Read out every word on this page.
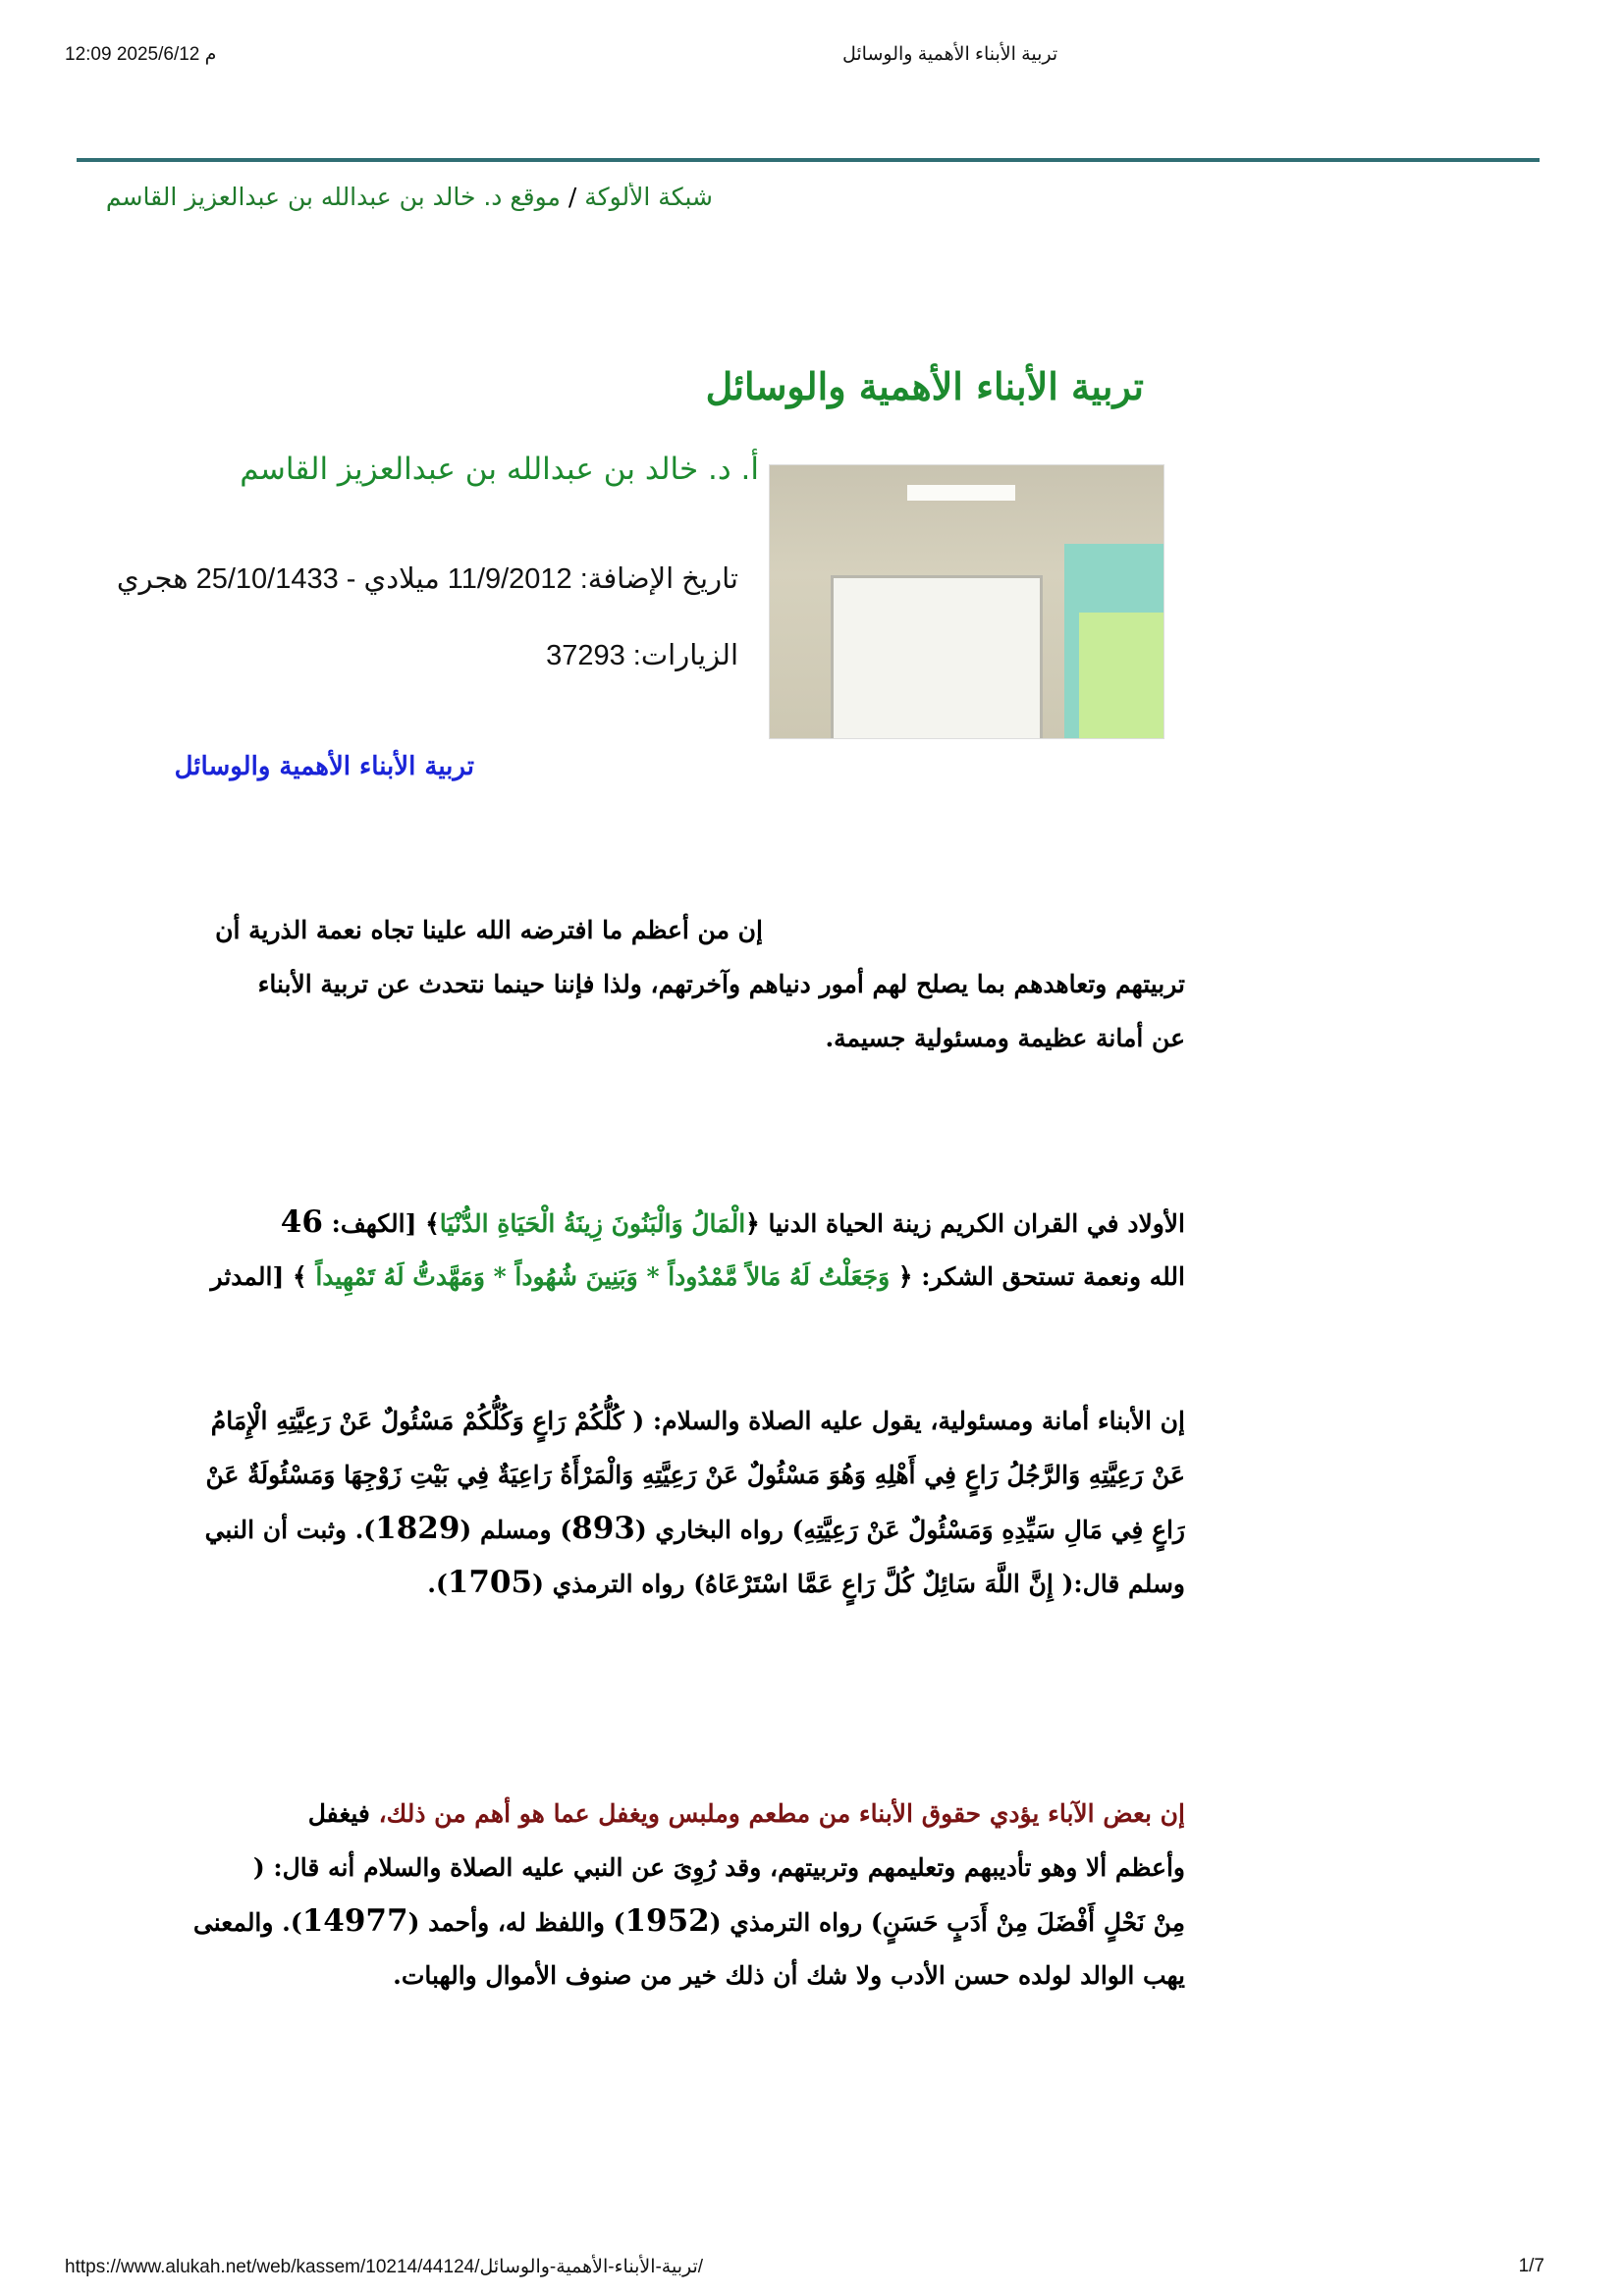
12:09 2025/6/12 م	تربية الأبناء الأهمية والوسائل
شبكة الألوكة / موقع د. خالد بن عبدالله بن عبدالعزيز القاسم
تربية الأبناء الأهمية والوسائل
أ. د. خالد بن عبدالله بن عبدالعزيز القاسم
تاريخ الإضافة: 11/9/2012 ميلادي - 25/10/1433 هجري
الزيارات: 37293
تربية الأبناء الأهمية والوسائل
إن من أعظم ما افترضه الله علينا تجاه نعمة الذرية أن
تربيتهم وتعاهدهم بما يصلح لهم أمور دنياهم وآخرتهم، ولذا فإننا حينما نتحدث عن تربية الأبناء
عن أمانة عظيمة ومسئولية جسيمة.
الأولاد في القران الكريم زينة الحياة الدنيا ﴿الْمَالُ وَالْبَنُونَ زِينَةُ الْحَيَاةِ الدُّنْيَا﴾ [الكهف: 46
الله ونعمة تستحق الشكر: ﴿ وَجَعَلْتُ لَهُ مَالاً مَّمْدُوداً * وَبَنِينَ شُهُوداً * وَمَهَّدتُّ لَهُ تَمْهِيداً ﴾ [المدثر
إن الأبناء أمانة ومسئولية، يقول عليه الصلاة والسلام: ( كُلُّكُمْ رَاعٍ وَكُلُّكُمْ مَسْئُولٌ عَنْ رَعِيَّتِهِ الْإِمَامُ
عَنْ رَعِيَّتِهِ وَالرَّجُلُ رَاعٍ فِي أَهْلِهِ وَهُوَ مَسْئُولٌ عَنْ رَعِيَّتِهِ وَالْمَرْأَةُ رَاعِيَةٌ فِي بَيْتِ زَوْجِهَا وَمَسْئُولَةٌ عَنْ
رَاعٍ فِي مَالِ سَيِّدِهِ وَمَسْئُولٌ عَنْ رَعِيَّتِهِ) رواه البخاري (893) ومسلم (1829). وثبت أن النبي
وسلم قال:( إِنَّ اللَّهَ سَائِلٌ كُلَّ رَاعٍ عَمَّا اسْتَرْعَاهُ) رواه الترمذي (1705).
إن بعض الآباء يؤدي حقوق الأبناء من مطعم وملبس ويغفل عما هو أهم من ذلك، فيغفل
وأعظم ألا وهو تأديبهم وتعليمهم وتربيتهم، وقد رُوِىَ عن النبي عليه الصلاة والسلام أنه قال: (
مِنْ نَحْلٍ أَفْضَلَ مِنْ أَدَبٍ حَسَنٍ) رواه الترمذي (1952) واللفظ له، وأحمد (14977). والمعنى
يهب الوالد لولده حسن الأدب ولا شك أن ذلك خير من صنوف الأموال والهبات.
https://www.alukah.net/web/kassem/10214/44124/تربية-الأبناء-الأهمية-والوسائل/	1/7
